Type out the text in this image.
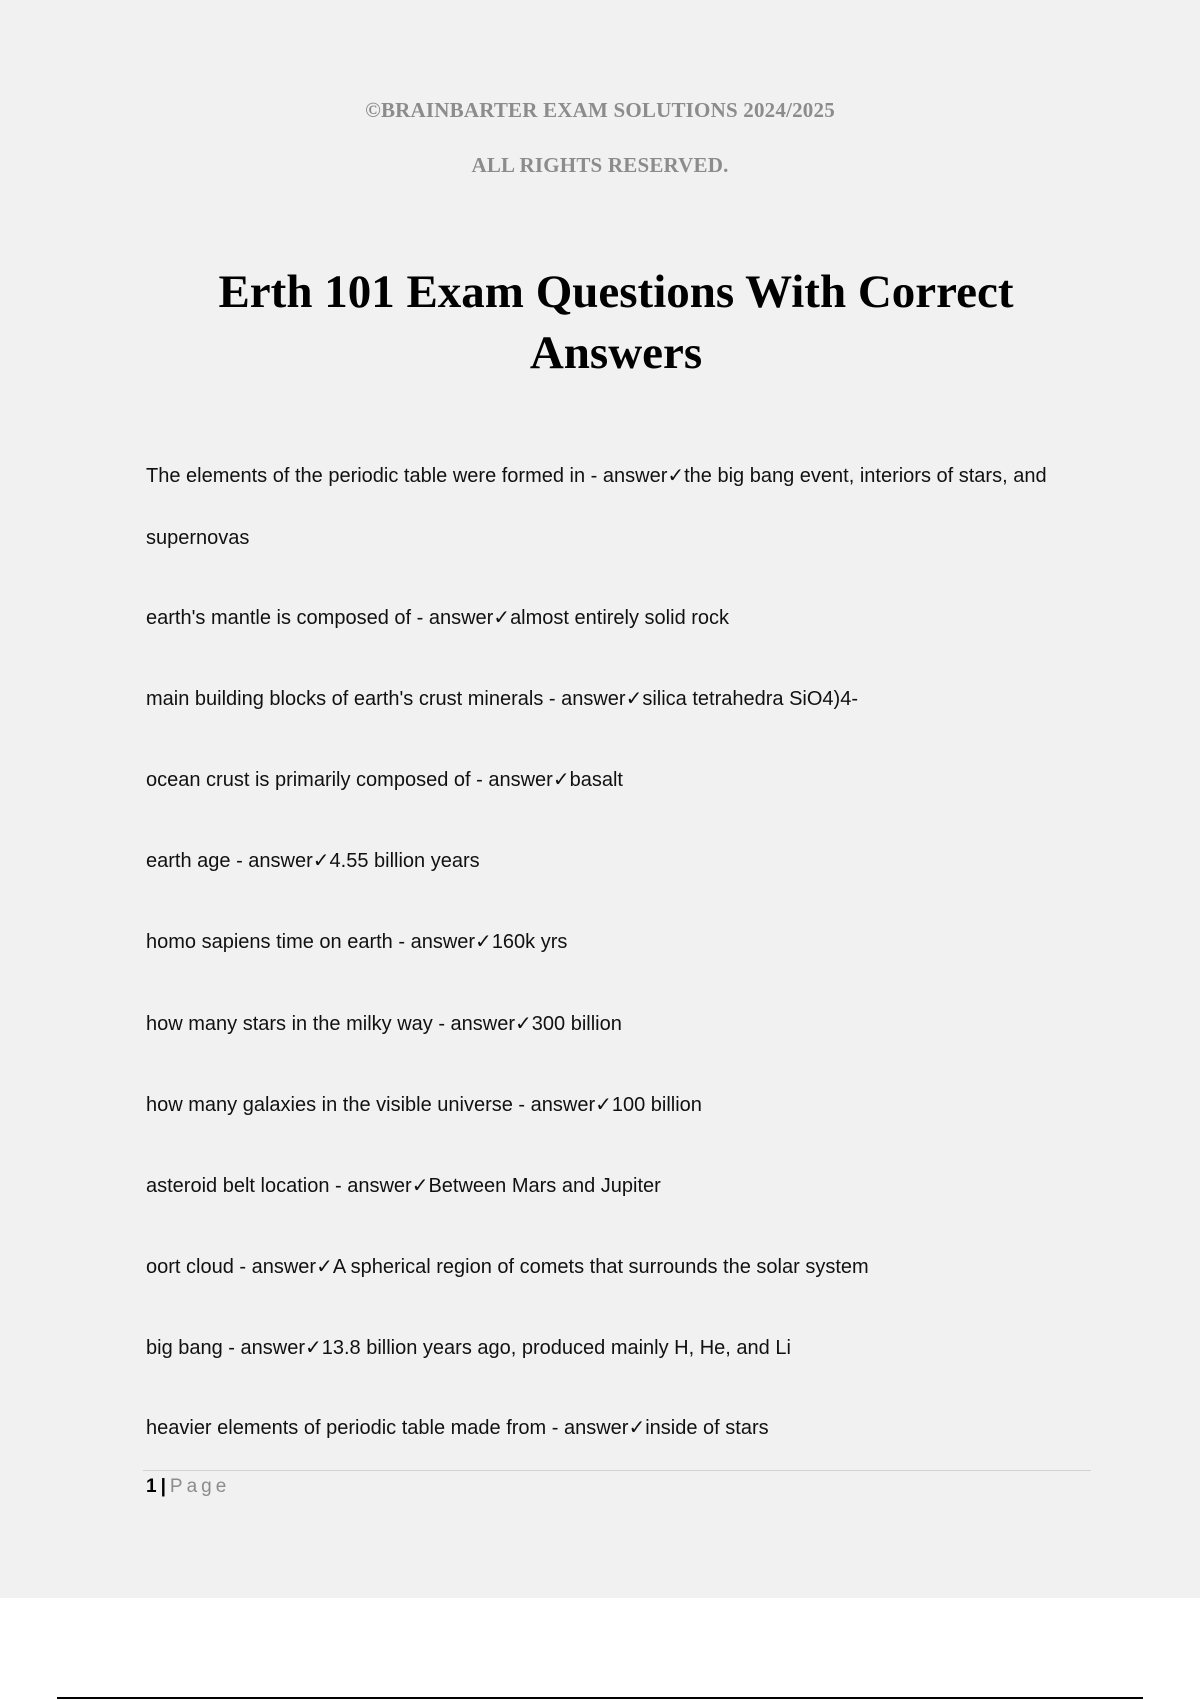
©BRAINBARTER EXAM SOLUTIONS 2024/2025
ALL RIGHTS RESERVED.
Erth 101 Exam Questions With Correct Answers
The elements of the periodic table were formed in - answer✓the big bang event, interiors of stars, and supernovas
earth's mantle is composed of - answer✓almost entirely solid rock
main building blocks of earth's crust minerals - answer✓silica tetrahedra SiO4)4-
ocean crust is primarily composed of - answer✓basalt
earth age - answer✓4.55 billion years
homo sapiens time on earth - answer✓160k yrs
how many stars in the milky way - answer✓300 billion
how many galaxies in the visible universe - answer✓100 billion
asteroid belt location - answer✓Between Mars and Jupiter
oort cloud - answer✓A spherical region of comets that surrounds the solar system
big bang - answer✓13.8 billion years ago, produced mainly H, He, and Li
heavier elements of periodic table made from - answer✓inside of stars
1 | Page
